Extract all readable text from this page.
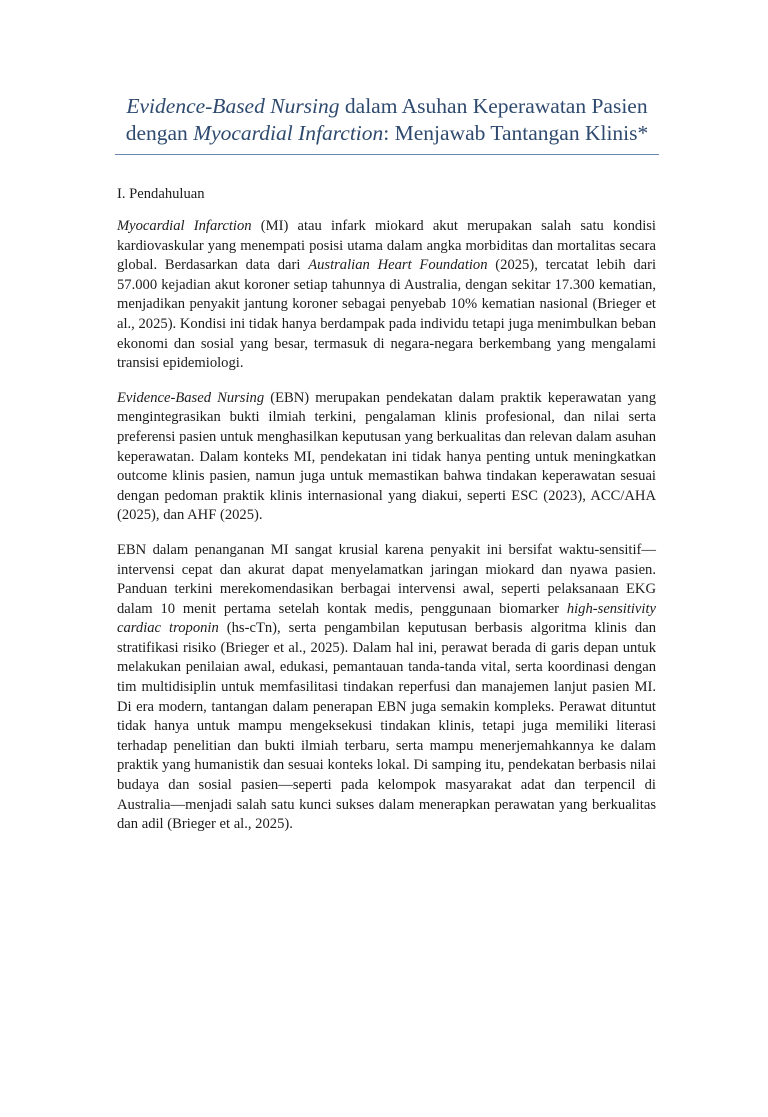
Evidence-Based Nursing dalam Asuhan Keperawatan Pasien
dengan Myocardial Infarction: Menjawab Tantangan Klinis*
I. Pendahuluan

Myocardial Infarction (MI) atau infark miokard akut merupakan salah satu kondisi kardiovaskular yang menempati posisi utama dalam angka morbiditas dan mortalitas secara global. Berdasarkan data dari Australian Heart Foundation (2025), tercatat lebih dari 57.000 kejadian akut koroner setiap tahunnya di Australia, dengan sekitar 17.300 kematian, menjadikan penyakit jantung koroner sebagai penyebab 10% kematian nasional (Brieger et al., 2025). Kondisi ini tidak hanya berdampak pada individu tetapi juga menimbulkan beban ekonomi dan sosial yang besar, termasuk di negara-negara berkembang yang mengalami transisi epidemiologi.

Evidence-Based Nursing (EBN) merupakan pendekatan dalam praktik keperawatan yang mengintegrasikan bukti ilmiah terkini, pengalaman klinis profesional, dan nilai serta preferensi pasien untuk menghasilkan keputusan yang berkualitas dan relevan dalam asuhan keperawatan. Dalam konteks MI, pendekatan ini tidak hanya penting untuk meningkatkan outcome klinis pasien, namun juga untuk memastikan bahwa tindakan keperawatan sesuai dengan pedoman praktik klinis internasional yang diakui, seperti ESC (2023), ACC/AHA (2025), dan AHF (2025).

EBN dalam penanganan MI sangat krusial karena penyakit ini bersifat waktu-sensitif—intervensi cepat dan akurat dapat menyelamatkan jaringan miokard dan nyawa pasien. Panduan terkini merekomendasikan berbagai intervensi awal, seperti pelaksanaan EKG dalam 10 menit pertama setelah kontak medis, penggunaan biomarker high-sensitivity cardiac troponin (hs-cTn), serta pengambilan keputusan berbasis algoritma klinis dan stratifikasi risiko (Brieger et al., 2025). Dalam hal ini, perawat berada di garis depan untuk melakukan penilaian awal, edukasi, pemantauan tanda-tanda vital, serta koordinasi dengan tim multidisiplin untuk memfasilitasi tindakan reperfusi dan manajemen lanjut pasien MI. Di era modern, tantangan dalam penerapan EBN juga semakin kompleks. Perawat dituntut tidak hanya untuk mampu mengeksekusi tindakan klinis, tetapi juga memiliki literasi terhadap penelitian dan bukti ilmiah terbaru, serta mampu menerjemahkannya ke dalam praktik yang humanistik dan sesuai konteks lokal. Di samping itu, pendekatan berbasis nilai budaya dan sosial pasien—seperti pada kelompok masyarakat adat dan terpencil di Australia—menjadi salah satu kunci sukses dalam menerapkan perawatan yang berkualitas dan adil (Brieger et al., 2025).
